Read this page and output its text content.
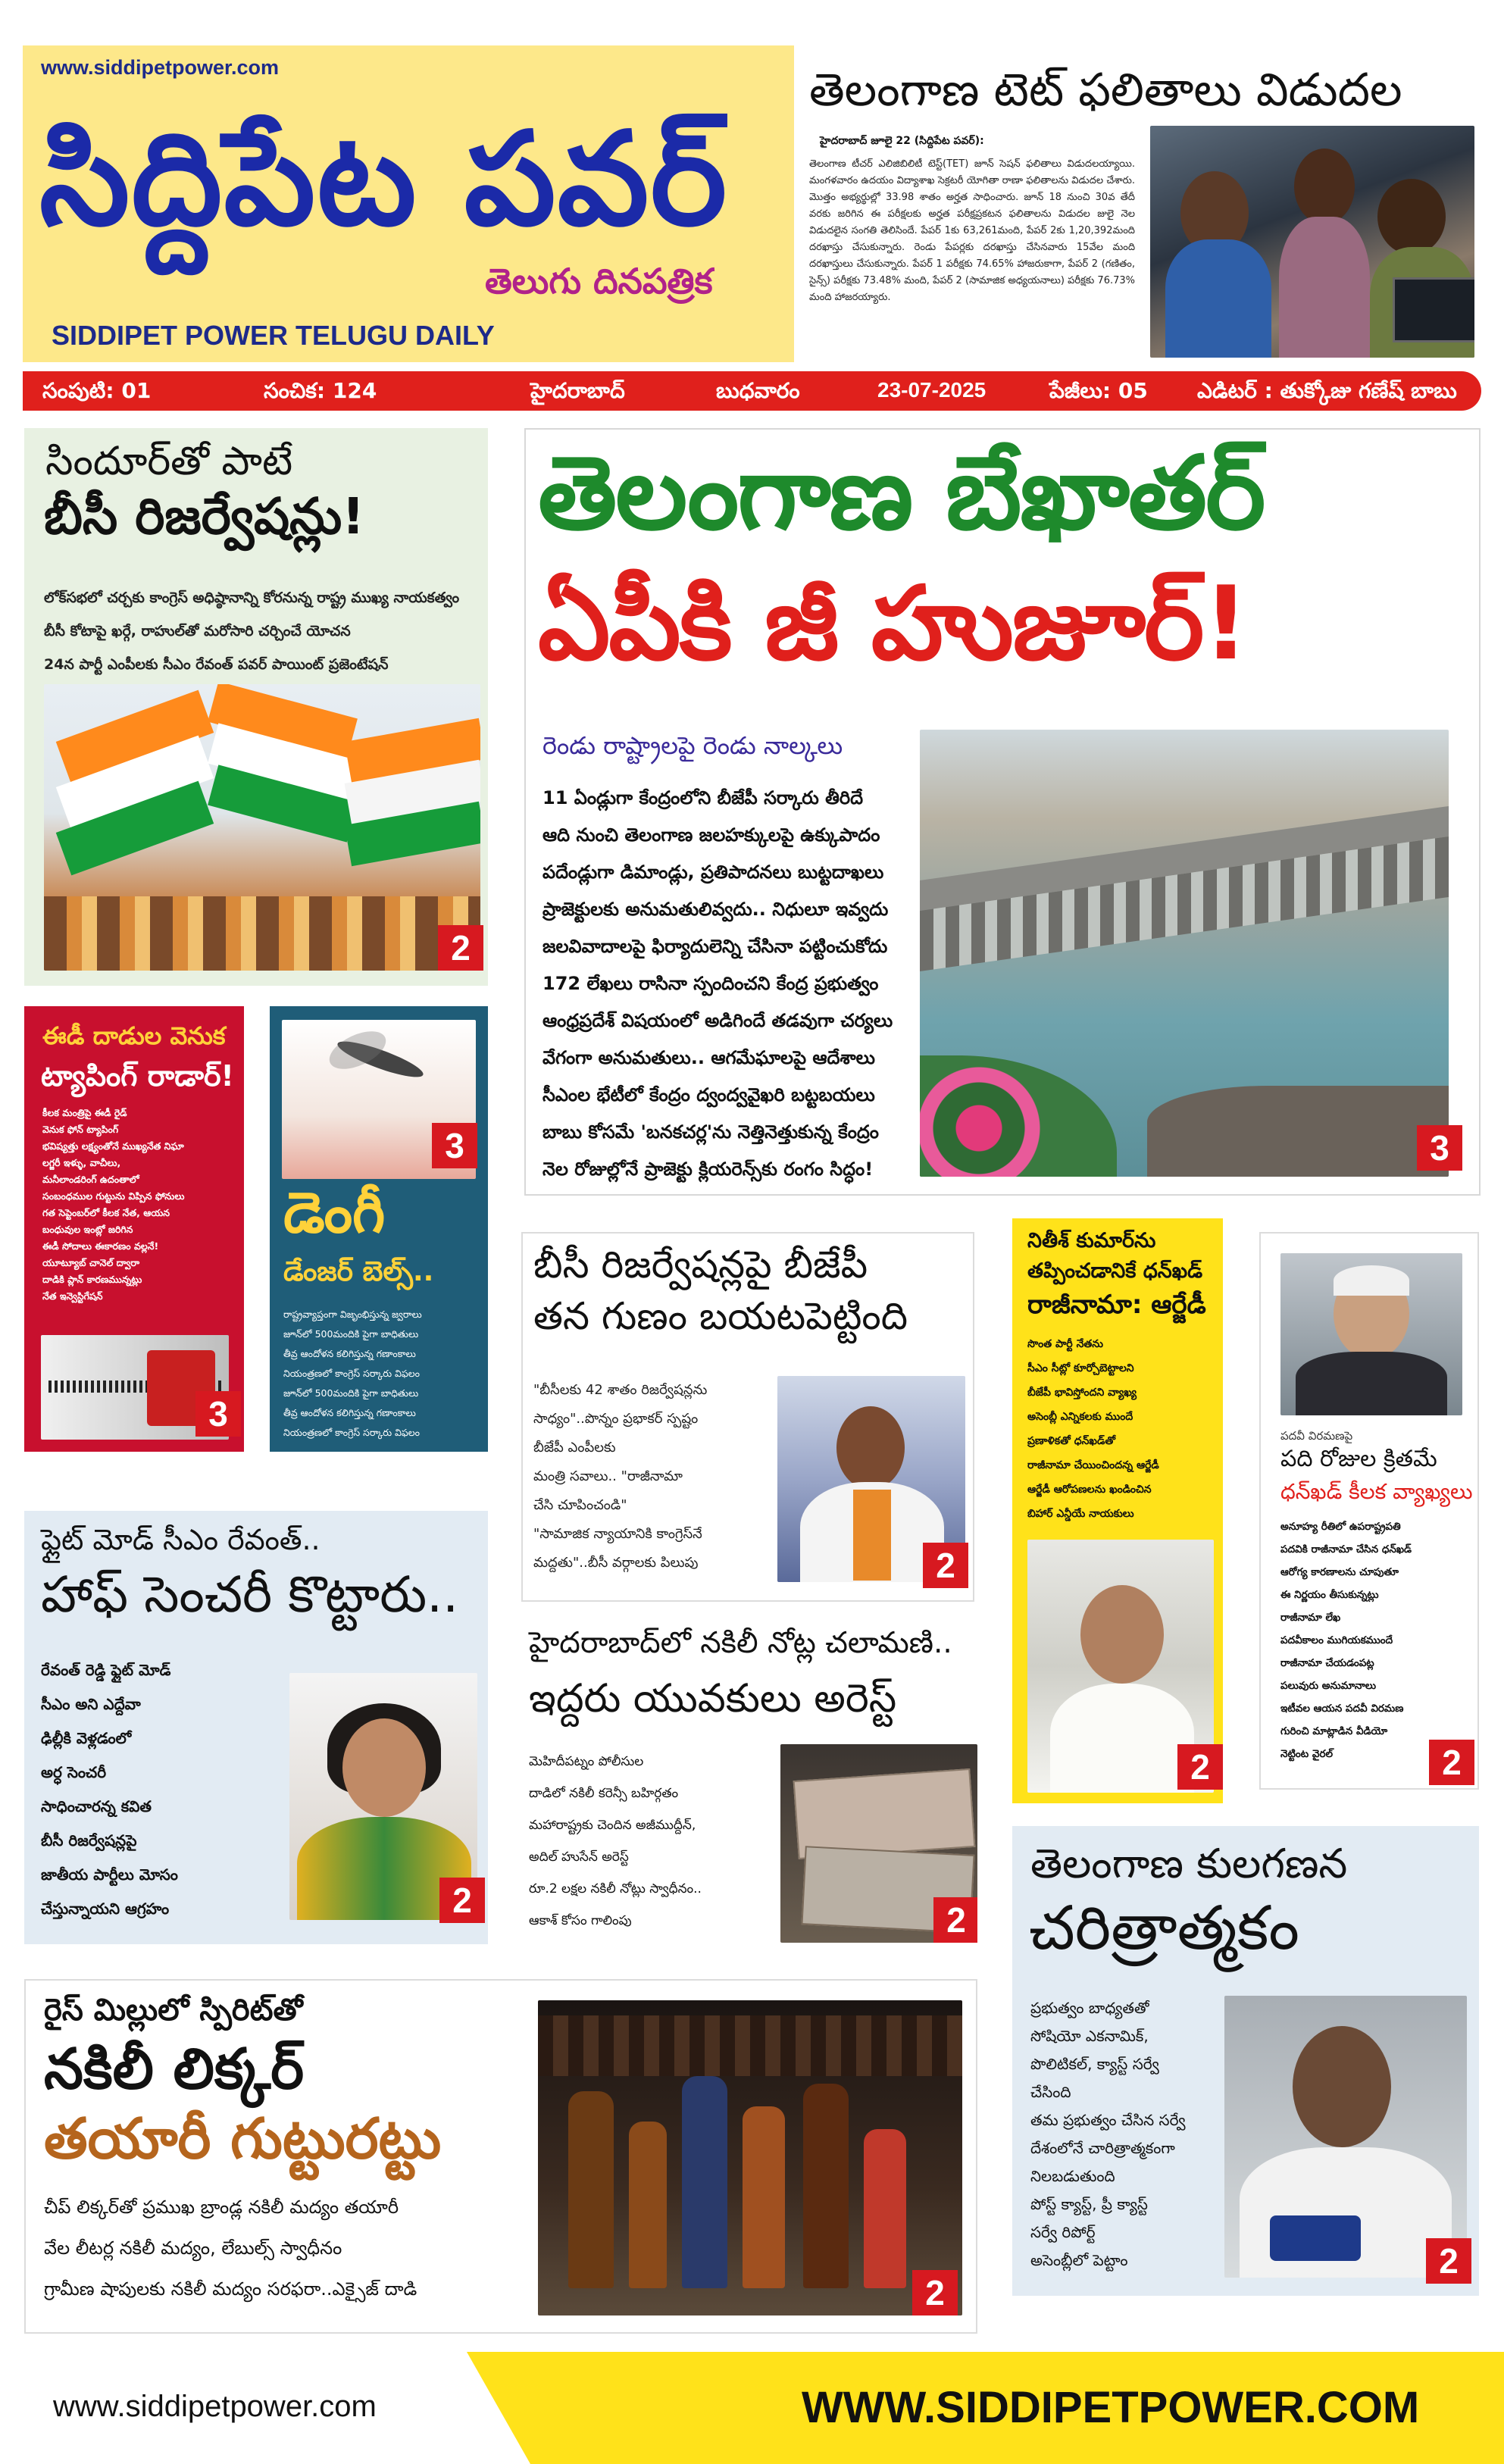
www.siddipetpower.com
సిద్దిపేట పవర్
తెలుగు దినపత్రిక
SIDDIPET POWER TELUGU DAILY
తెలంగాణ టెట్ ఫలితాలు విడుదల
హైదరాబాద్ జూలై 22 (సిద్దిపేట పవర్):
తెలంగాణ టీచర్ ఎలిజిబిలిటీ టెస్ట్(TET) జూన్ సెషన్ ఫలితాలు విడుదలయ్యాయి. మంగళవారం ఉదయం విద్యాశాఖ సెక్రటరీ యోగితా రాణా ఫలితాలను విడుదల చేశారు. మొత్తం అభ్యర్థుల్లో 33.98 శాతం అర్హత సాధించారు. జూన్ 18 నుంచి 30వ తేదీ వరకు జరిగిన ఈ పరీక్షలకు అర్హత పరీక్షప్రకటన ఫలితాలను విడుదల జులై నెల విడుదలైన సంగతి తెలిసిందే. పేపర్ 1కు 63,261మంది, పేపర్ 2కు 1,20,392మంది దరఖాస్తు చేసుకున్నారు. రెండు పేపర్లకు దరఖాస్తు చేసినవారు 15వేల మంది దరఖాస్తులు చేసుకున్నారు. పేపర్ 1 పరీక్షకు 74.65% హాజరుకాగా, పేపర్ 2 (గణితం, సైన్స్) పరీక్షకు 73.48% మంది, పేపర్ 2 (సామాజిక అధ్యయనాలు) పరీక్షకు 76.73% మంది హాజరయ్యారు.
సంపుటి: 01	సంచిక: 124	హైదరాబాద్	బుధవారం	23-07-2025	పేజీలు: 05 ఎడిటర్ : తుక్కోజు గణేష్ బాబు
సిందూర్‌తో పాటే
బీసీ రిజర్వేషన్లు!
లోక్‌సభలో చర్చకు కాంగ్రెస్ అధిష్ఠానాన్ని కోరనున్న రాష్ట్ర ముఖ్య నాయకత్వం
బీసీ కోటాపై ఖర్గే, రాహుల్‌తో మరోసారి చర్చించే యోచన
24న పార్టీ ఎంపీలకు సీఎం రేవంత్ పవర్ పాయింట్ ప్రజెంటేషన్
2
తెలంగాణ బేఖాతర్
ఏపీకి జీ హుజూర్!
రెండు రాష్ట్రాలపై రెండు నాల్కలు
11 ఏండ్లుగా కేంద్రంలోని బీజేపీ సర్కారు తీరిదే
ఆది నుంచి తెలంగాణ జలహక్కులపై ఉక్కుపాదం
పదేండ్లుగా డిమాండ్లు, ప్రతిపాదనలు బుట్టదాఖలు
ప్రాజెక్టులకు అనుమతులివ్వదు.. నిధులూ ఇవ్వదు
జలవివాదాలపై ఫిర్యాదులెన్ని చేసినా పట్టించుకోదు
172 లేఖలు రాసినా స్పందించని కేంద్ర ప్రభుత్వం
ఆంధ్రప్రదేశ్ విషయంలో అడిగిందే తడవుగా చర్యలు
వేగంగా అనుమతులు.. ఆగమేఘాలపై ఆదేశాలు
సీఎంల భేటీలో కేంద్రం ద్వంద్వవైఖరి బట్టబయలు
బాబు కోసమే 'బనకచర్ల'ను నెత్తినెత్తుకున్న కేంద్రం
నెల రోజుల్లోనే ప్రాజెక్టు క్లియరెన్స్‌కు రంగం సిద్ధం!
3
ఈడీ దాడుల వెనుక
ట్యాపింగ్ రాడార్!
కీలక మంత్రిపై ఈడీ రైడ్
వెనుక ఫోన్ ట్యాపింగ్
భవిష్యత్తు లక్ష్యంతోనే ముఖ్యనేత నిఘా
లగ్జరీ ఇళ్ళు, వాచీలు,
మనీలాండరింగ్ ఉదంతాలో
సంబంధముల గుట్టును విప్పిన ఫోనులు
గత సెప్టెంబర్‌లో కీలక నేత, ఆయన
బంధువుల ఇంట్లో జరిగిన
ఈడీ సోదాలు ఈకారణం వల్లనే!
యూట్యూబ్ చానెల్ ద్వారా
దాడికి ప్లాన్ కారణమున్నట్లు
నేత ఇన్వెస్టిగేషన్
3
3
డెంగీ
డేంజర్ బెల్స్..
రాష్ట్రవ్యాప్తంగా విజృంభిస్తున్న జ్వరాలు
జూన్‌లో 500మందికి పైగా బాధితులు
తీవ్ర ఆందోళన కలిగిస్తున్న గణాంకాలు
నియంత్రణలో కాంగ్రెస్ సర్కారు విఫలం
జూన్‌లో 500మందికి పైగా బాధితులు
తీవ్ర ఆందోళన కలిగిస్తున్న గణాంకాలు
నియంత్రణలో కాంగ్రెస్ సర్కారు విఫలం
బీసీ రిజర్వేషన్లపై బీజేపీ
తన గుణం బయటపెట్టింది
"బీసీలకు 42 శాతం రిజర్వేషన్లను
సాధ్యం"..పొన్నం ప్రభాకర్ స్పష్టం
బీజేపీ ఎంపీలకు
మంత్రి సవాలు.. "రాజీనామా
చేసి చూపించండి"
"సామాజిక న్యాయానికి కాంగ్రెస్‌నే
మద్దతు"..బీసీ వర్గాలకు పిలుపు	2
నితీశ్ కుమార్‌ను
తప్పించడానికే ధన్‌ఖడ్
రాజీనామా: ఆర్జేడీ
సొంత పార్టీ నేతను
సీఎం సీట్లో కూర్చోబెట్టాలని
బీజేపీ భావిస్తోందని వ్యాఖ్య
అసెంబ్లీ ఎన్నికలకు ముందే
ప్రణాళికతో ధన్‌ఖడ్‌తో
రాజీనామా చేయించిందన్న ఆర్జేడీ
ఆర్జేడీ ఆరోపణలను ఖండించిన
బిహార్ ఎన్డీయే నాయకులు
2
పదవీ విరమణపై
పది రోజుల క్రితమే
ధన్‌ఖడ్ కీలక వ్యాఖ్యలు
అనూహ్య రీతిలో ఉపరాష్ట్రపతి
పదవికి రాజీనామా చేసిన ధన్‌ఖడ్
ఆరోగ్య కారణాలను చూపుతూ
ఈ నిర్ణయం తీసుకున్నట్లు
రాజీనామా లేఖ
పదవీకాలం ముగియకముందే
రాజీనామా చేయడంపట్ల
పలువురు అనుమానాలు
ఇటీవల ఆయన పదవీ విరమణ
గురించి మాట్లాడిన వీడియో
నెట్టింట వైరల్	2
ఫ్లైట్ మోడ్ సీఎం రేవంత్..
హాఫ్ సెంచరీ కొట్టారు..
రేవంత్ రెడ్డి ఫ్లైట్ మోడ్
సీఎం అని ఎద్దేవా
ఢిల్లీకి వెళ్లడంలో
అర్ధ సెంచరీ
సాధించారన్న కవిత
బీసీ రిజర్వేషన్లపై
జాతీయ పార్టీలు మోసం
చేస్తున్నాయని ఆగ్రహం	2
హైదరాబాద్‌లో నకిలీ నోట్ల చలామణి..
ఇద్దరు యువకులు అరెస్ట్
మెహిదీపట్నం పోలీసుల
దాడిలో నకిలీ కరెన్సీ బహిర్గతం
మహారాష్ట్రకు చెందిన అజీముద్దీన్,
అదిల్ హుసేన్ అరెస్ట్
రూ.2 లక్షల నకిలీ నోట్లు స్వాధీనం..
ఆకాశ్ కోసం గాలింపు	2
తెలంగాణ కులగణన
చరిత్రాత్మకం
ప్రభుత్వం బాధ్యతతో
సోషియో ఎకనామిక్,
పొలిటికల్, క్యాస్ట్ సర్వే
చేసింది
తమ ప్రభుత్వం చేసిన సర్వే
దేశంలోనే చారిత్రాత్మకంగా
నిలబడుతుంది
పోస్ట్ క్యాస్ట్, ప్రీ క్యాస్ట్
సర్వే రిపోర్ట్
అసెంబ్లీలో పెట్టాం	2
రైస్ మిల్లులో స్పిరిట్‌తో
నకిలీ లిక్కర్
తయారీ గుట్టురట్టు
చీప్ లిక్కర్‌తో ప్రముఖ బ్రాండ్ల నకిలీ మద్యం తయారీ
వేల లీటర్ల నకిలీ మద్యం, లేబుల్స్ స్వాధీనం
గ్రామీణ షాపులకు నకిలీ మద్యం సరఫరా..ఎక్సైజ్ దాడి	2
www.siddipetpower.com	WWW.SIDDIPETPOWER.COM
